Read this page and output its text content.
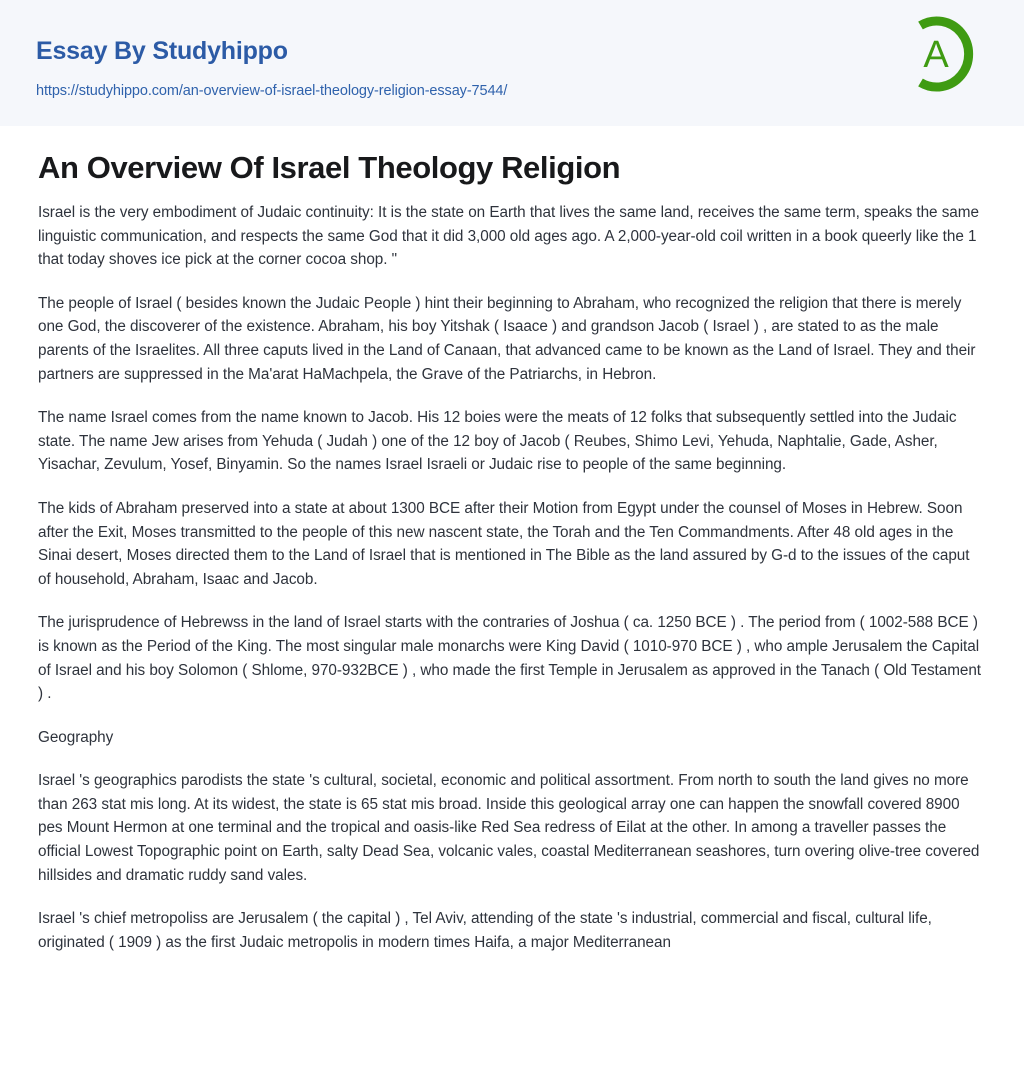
Essay By Studyhippo
https://studyhippo.com/an-overview-of-israel-theology-religion-essay-7544/
A
An Overview Of Israel Theology Religion

Israel is the very embodiment of Judaic continuity: It is the state on Earth that lives the same land, receives the same term, speaks the same linguistic communication, and respects the same God that it did 3,000 old ages ago. A 2,000-year-old coil written in a book queerly like the 1 that today shoves ice pick at the corner cocoa shop. "

The people of Israel ( besides known the Judaic People ) hint their beginning to Abraham, who recognized the religion that there is merely one God, the discoverer of the existence. Abraham, his boy Yitshak ( Isaace ) and grandson Jacob ( Israel ) , are stated to as the male parents of the Israelites. All three caputs lived in the Land of Canaan, that advanced came to be known as the Land of Israel. They and their partners are suppressed in the Ma'arat HaMachpela, the Grave of the Patriarchs, in Hebron.

The name Israel comes from the name known to Jacob. His 12 boies were the meats of 12 folks that subsequently settled into the Judaic state. The name Jew arises from Yehuda ( Judah ) one of the 12 boy of Jacob ( Reubes, Shimo Levi, Yehuda, Naphtalie, Gade, Asher, Yisachar, Zevulum, Yosef, Binyamin. So the names Israel Israeli or Judaic rise to people of the same beginning.

The kids of Abraham preserved into a state at about 1300 BCE after their Motion from Egypt under the counsel of Moses in Hebrew. Soon after the Exit, Moses transmitted to the people of this new nascent state, the Torah and the Ten Commandments. After 48 old ages in the Sinai desert, Moses directed them to the Land of Israel that is mentioned in The Bible as the land assured by G-d to the issues of the caput of household, Abraham, Isaac and Jacob.

The jurisprudence of Hebrewss in the land of Israel starts with the contraries of Joshua ( ca. 1250 BCE ) . The period from ( 1002-588 BCE ) is known as the Period of the King. The most singular male monarchs were King David ( 1010-970 BCE ) , who ample Jerusalem the Capital of Israel and his boy Solomon ( Shlome, 970-932BCE ) , who made the first Temple in Jerusalem as approved in the Tanach ( Old Testament ) .

Geography

Israel 's geographics parodists the state 's cultural, societal, economic and political assortment. From north to south the land gives no more than 263 stat mis long. At its widest, the state is 65 stat mis broad. Inside this geological array one can happen the snowfall covered 8900 pes Mount Hermon at one terminal and the tropical and oasis-like Red Sea redress of Eilat at the other. In among a traveller passes the official Lowest Topographic point on Earth, salty Dead Sea, volcanic vales, coastal Mediterranean seashores, turn overing olive-tree covered hillsides and dramatic ruddy sand vales.

Israel 's chief metropoliss are Jerusalem ( the capital ) , Tel Aviv, attending of the state 's industrial, commercial and fiscal, cultural life, originated ( 1909 ) as the first Judaic metropolis in modern times Haifa, a major Mediterranean
